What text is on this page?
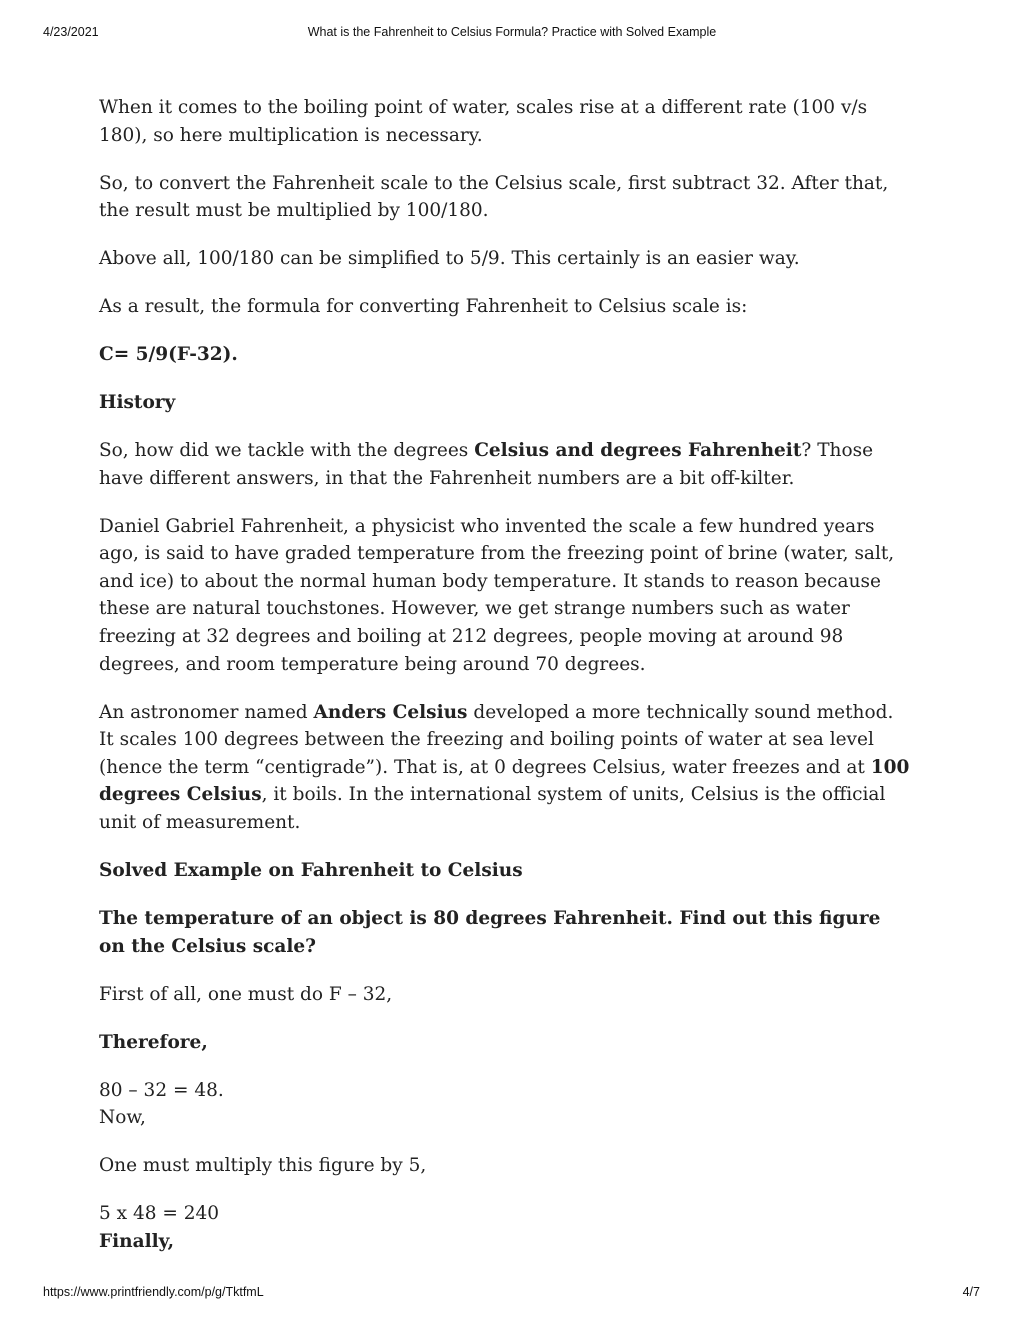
4/23/2021	What is the Fahrenheit to Celsius Formula? Practice with Solved Example

When it comes to the boiling point of water, scales rise at a different rate (100 v/s 180), so here multiplication is necessary.

So, to convert the Fahrenheit scale to the Celsius scale, first subtract 32. After that, the result must be multiplied by 100/180.

Above all, 100/180 can be simplified to 5/9. This certainly is an easier way.

As a result, the formula for converting Fahrenheit to Celsius scale is:

C= 5/9(F-32).

History

So, how did we tackle with the degrees Celsius and degrees Fahrenheit? Those have different answers, in that the Fahrenheit numbers are a bit off-kilter.

Daniel Gabriel Fahrenheit, a physicist who invented the scale a few hundred years ago, is said to have graded temperature from the freezing point of brine (water, salt, and ice) to about the normal human body temperature. It stands to reason because these are natural touchstones. However, we get strange numbers such as water freezing at 32 degrees and boiling at 212 degrees, people moving at around 98 degrees, and room temperature being around 70 degrees.

An astronomer named Anders Celsius developed a more technically sound method. It scales 100 degrees between the freezing and boiling points of water at sea level (hence the term “centigrade”). That is, at 0 degrees Celsius, water freezes and at 100 degrees Celsius, it boils. In the international system of units, Celsius is the official unit of measurement.

Solved Example on Fahrenheit to Celsius

The temperature of an object is 80 degrees Fahrenheit. Find out this figure on the Celsius scale?

First of all, one must do F – 32,

Therefore,

80 – 32 = 48.
Now,

One must multiply this figure by 5,

5 x 48 = 240
Finally,

https://www.printfriendly.com/p/g/TktfmL	4/7
